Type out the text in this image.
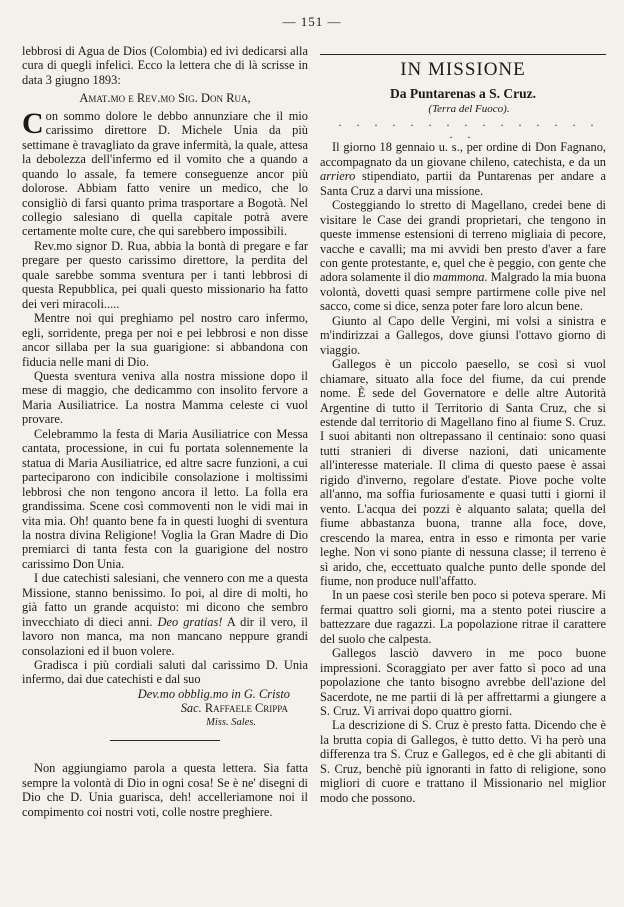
— 151 —

lebbrosi di Agua de Dios (Colombia) ed ivi dedicarsi alla cura di quegli infelici. Ecco la lettera che di là scrisse in data 3 giugno 1893:

Amat.mo e Rev.mo Sig. Don Rua,

Con sommo dolore le debbo annunziare che il mio carissimo direttore D. Michele Unia da più settimane è travagliato da grave infermità, la quale, attesa la debolezza dell'infermo ed il vomito che a quando a quando lo assale, fa temere conseguenze ancor più dolorose. Abbiam fatto venire un medico, che lo consigliò di farsi quanto prima trasportare a Bogotà. Nel collegio salesiano di quella capitale potrà avere certamente molte cure, che qui sarebbero impossibili.

Rev.mo signor D. Rua, abbia la bontà di pregare e far pregare per questo carissimo direttore, la perdita del quale sarebbe somma sventura per i tanti lebbrosi di questa Repubblica, pei quali questo missionario ha fatto dei veri miracoli.....

Mentre noi qui preghiamo pel nostro caro infermo, egli, sorridente, prega per noi e pei lebbrosi e non disse ancor sillaba per la sua guarigione: si abbandona con fiducia nelle mani di Dio.

Questa sventura veniva alla nostra missione dopo il mese di maggio, che dedicammo con insolito fervore a Maria Ausiliatrice. La nostra Mamma celeste ci vuol provare.

Celebrammo la festa di Maria Ausiliatrice con Messa cantata, processione, in cui fu portata solennemente la statua di Maria Ausiliatrice, ed altre sacre funzioni, a cui parteciparono con indicibile consolazione i moltissimi lebbrosi che non tengono ancora il letto. La folla era grandissima. Scene così commoventi non le vidi mai in vita mia. Oh! quanto bene fa in questi luoghi di sventura la nostra divina Religione! Voglia la Gran Madre di Dio premiarci di tanta festa con la guarigione del nostro carissimo Don Unia.

I due catechisti salesiani, che vennero con me a questa Missione, stanno benissimo. Io poi, al dire di molti, ho già fatto un grande acquisto: mi dicono che sembro invecchiato di dieci anni. Deo gratias! A dir il vero, il lavoro non manca, ma non mancano neppure grandi consolazioni ed il buon volere.

Gradisca i più cordiali saluti dal carissimo D. Unia infermo, dai due catechisti e dal suo

Dev.mo obblig.mo in G. Cristo
Sac. Raffaele Crippa
Miss. Sales.

Non aggiungiamo parola a questa lettera. Sia fatta sempre la volontà di Dio in ogni cosa! Se è ne' disegni di Dio che D. Unia guarisca, deh! accelleriamone noi il compimento coi nostri voti, colle nostre preghiere.

IN MISSIONE
Da Puntarenas a S. Cruz.

(Terra del Fuoco).

. . . . . . . . . . . . . . . . .

Il giorno 18 gennaio u. s., per ordine di Don Fagnano, accompagnato da un giovane chileno, catechista, e da un arriero stipendiato, partii da Puntarenas per andare a Santa Cruz a darvi una missione.

Costeggiando lo stretto di Magellano, credei bene di visitare le Case dei grandi proprietari, che tengono in queste immense estensioni di terreno migliaia di pecore, vacche e cavalli; ma mi avvidi ben presto d'aver a fare con gente protestante, e, quel che è peggio, con gente che adora solamente il dio mammona. Malgrado la mia buona volontà, dovetti quasi sempre partirmene colle pive nel sacco, come si dice, senza poter fare loro alcun bene.

Giunto al Capo delle Vergini, mi volsi a sinistra e m'indirizzai a Gallegos, dove giunsi l'ottavo giorno di viaggio.

Gallegos è un piccolo paesello, se così si vuol chiamare, situato alla foce del fiume, da cui prende nome. È sede del Governatore e delle altre Autorità Argentine di tutto il Territorio di Santa Cruz, che si estende dal territorio di Magellano fino al fiume S. Cruz. I suoi abitanti non oltrepassano il centinaio: sono quasi tutti stranieri di diverse nazioni, dati unicamente all'interesse materiale. Il clima di questo paese è assai rigido d'inverno, regolare d'estate. Piove poche volte all'anno, ma soffia furiosamente e quasi tutti i giorni il vento. L'acqua dei pozzi è alquanto salata; quella del fiume abbastanza buona, tranne alla foce, dove, crescendo la marea, entra in esso e rimonta per varie leghe. Non vi sono piante di nessuna classe; il terreno è sì arido, che, eccettuato qualche punto delle sponde del fiume, non produce null'affatto.

In un paese così sterile ben poco si poteva sperare. Mi fermai quattro soli giorni, ma a stento potei riuscire a battezzare due ragazzi. La popolazione ritrae il carattere del suolo che calpesta.

Gallegos lasciò davvero in me poco buone impressioni. Scoraggiato per aver fatto sì poco ad una popolazione che tanto bisogno avrebbe dell'azione del Sacerdote, ne me partii di là per affrettarmi a giungere a S. Cruz. Vi arrivai dopo quattro giorni.

La descrizione di S. Cruz è presto fatta. Dicendo che è la brutta copia di Gallegos, è tutto detto. Vi ha però una differenza tra S. Cruz e Gallegos, ed è che gli abitanti di S. Cruz, benchè più ignoranti in fatto di religione, sono migliori di cuore e trattano il Missionario nel miglior modo che possono.
